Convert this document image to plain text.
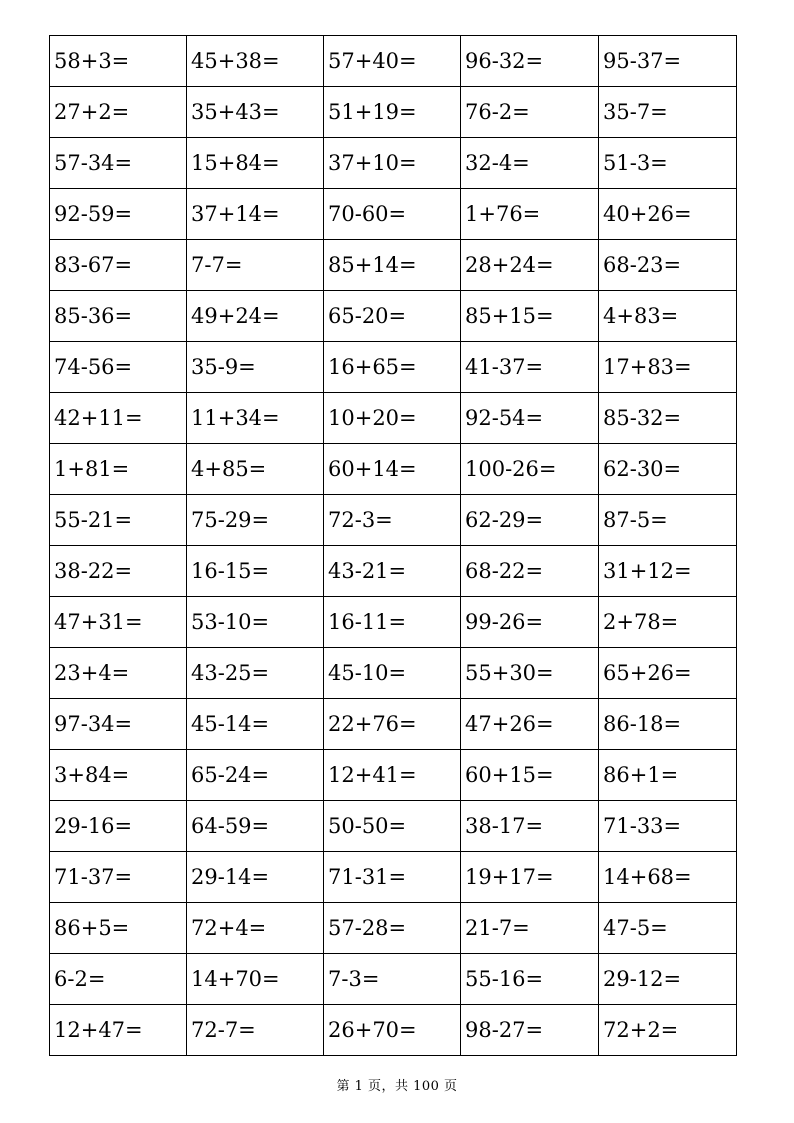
58+3=	45+38=	57+40=	96-32=	95-37=
27+2=	35+43=	51+19=	76-2=	35-7=
57-34=	15+84=	37+10=	32-4=	51-3=
92-59=	37+14=	70-60=	1+76=	40+26=
83-67=	7-7=	85+14=	28+24=	68-23=
85-36=	49+24=	65-20=	85+15=	4+83=
74-56=	35-9=	16+65=	41-37=	17+83=
42+11=	11+34=	10+20=	92-54=	85-32=
1+81=	4+85=	60+14=	100-26=	62-30=
55-21=	75-29=	72-3=	62-29=	87-5=
38-22=	16-15=	43-21=	68-22=	31+12=
47+31=	53-10=	16-11=	99-26=	2+78=
23+4=	43-25=	45-10=	55+30=	65+26=
97-34=	45-14=	22+76=	47+26=	86-18=
3+84=	65-24=	12+41=	60+15=	86+1=
29-16=	64-59=	50-50=	38-17=	71-33=
71-37=	29-14=	71-31=	19+17=	14+68=
86+5=	72+4=	57-28=	21-7=	47-5=
6-2=	14+70=	7-3=	55-16=	29-12=
12+47=	72-7=	26+70=	98-27=	72+2=
第 1 页，共 100 页
